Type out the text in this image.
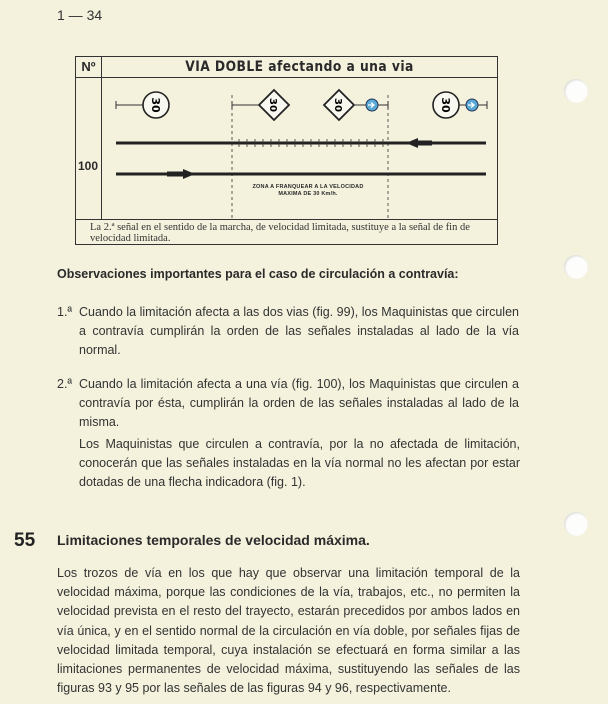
1 — 34
Nº	VIA DOBLE afectando a una via
100
30	30	30	30
ZONA A FRANQUEAR A LA VELOCIDAD
MAXIMA DE 30 Km/h.
La 2.ª señal en el sentido de la marcha, de velocidad limitada, sustituye a la señal de fin de velocidad limitada.
Observaciones importantes para el caso de circulación a contravía:
1.ª Cuando la limitación afecta a las dos vias (fig. 99), los Maquinistas que circulen a contravía cumplirán la orden de las señales instaladas al lado de la vía normal.
2.ª Cuando la limitación afecta a una vía (fig. 100), los Maquinistas que circulen a contravía por ésta, cumplirán la orden de las señales instaladas al lado de la misma.
Los Maquinistas que circulen a contravía, por la no afectada de limitación, conocerán que las señales instaladas en la vía normal no les afectan por estar dotadas de una flecha indicadora (fig. 1).
55 Limitaciones temporales de velocidad máxima.
Los trozos de vía en los que hay que observar una limitación temporal de la velocidad máxima, porque las condiciones de la vía, trabajos, etc., no permiten la velocidad prevista en el resto del trayecto, estarán precedidos por ambos lados en vía única, y en el sentido normal de la circulación en vía doble, por señales fijas de velocidad limitada temporal, cuya instalación se efectuará en forma similar a las limitaciones permanentes de velocidad máxima, sustituyendo las señales de las figuras 93 y 95 por las señales de las figuras 94 y 96, respectivamente.
